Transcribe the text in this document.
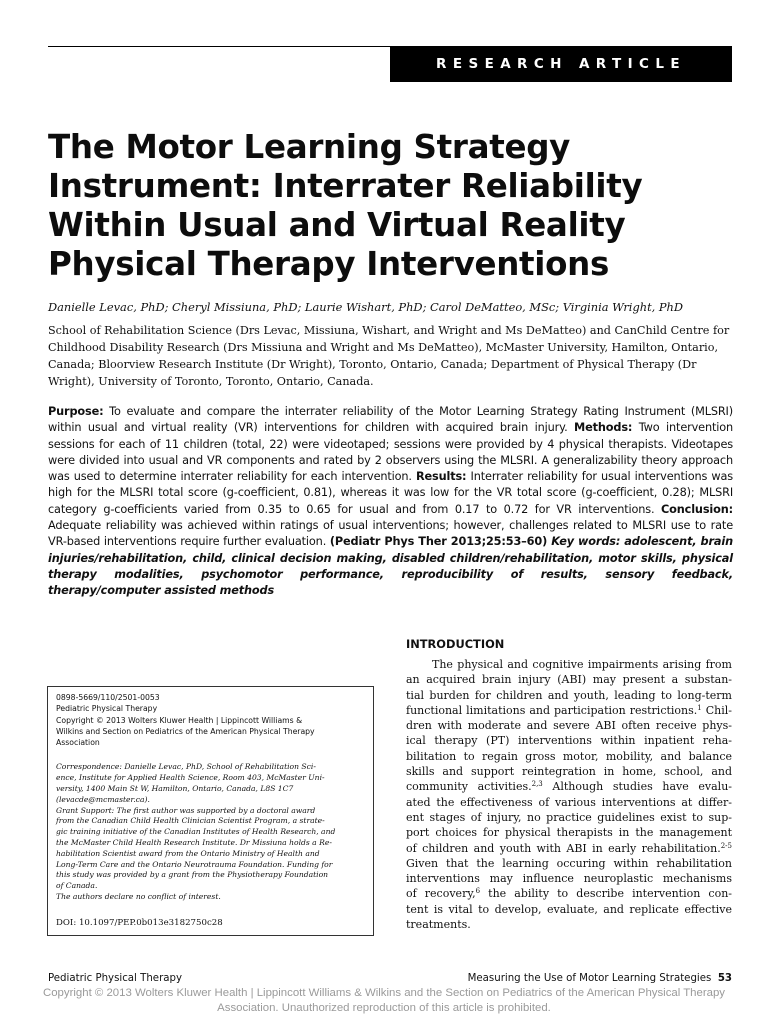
RESEARCH ARTICLE
The Motor Learning Strategy
Instrument: Interrater Reliability
Within Usual and Virtual Reality
Physical Therapy Interventions
Danielle Levac, PhD; Cheryl Missiuna, PhD; Laurie Wishart, PhD; Carol DeMatteo, MSc; Virginia Wright, PhD
School of Rehabilitation Science (Drs Levac, Missiuna, Wishart, and Wright and Ms DeMatteo) and CanChild Centre for
Childhood Disability Research (Drs Missiuna and Wright and Ms DeMatteo), McMaster University, Hamilton, Ontario,
Canada; Bloorview Research Institute (Dr Wright), Toronto, Ontario, Canada; Department of Physical Therapy (Dr
Wright), University of Toronto, Toronto, Ontario, Canada.
Purpose: To evaluate and compare the interrater reliability of the Motor Learning Strategy Rating Instrument (MLSRI) within usual and virtual reality (VR) interventions for children with acquired brain injury. Methods: Two intervention sessions for each of 11 children (total, 22) were videotaped; sessions were provided by 4 physical therapists. Videotapes were divided into usual and VR components and rated by 2 observers using the MLSRI. A generalizability theory approach was used to determine interrater reliability for each intervention. Results: Interrater reliability for usual interventions was high for the MLSRI total score (g-coefficient, 0.81), whereas it was low for the VR total score (g-coefficient, 0.28); MLSRI category g-coefficients varied from 0.35 to 0.65 for usual and from 0.17 to 0.72 for VR interventions. Conclusion: Adequate reliability was achieved within ratings of usual interventions; however, challenges related to MLSRI use to rate VR-based interventions require further evaluation. (Pediatr Phys Ther 2013;25:53–60) Key words: adolescent, brain injuries/rehabilitation, child, clinical decision making, disabled children/rehabilitation, motor skills, physical therapy modalities, psychomotor performance, reproducibility of results, sensory feedback, therapy/computer assisted methods
0898-5669/110/2501-0053
Pediatric Physical Therapy
Copyright © 2013 Wolters Kluwer Health | Lippincott Williams &
Wilkins and Section on Pediatrics of the American Physical Therapy
Association
Correspondence: Danielle Levac, PhD, School of Rehabilitation Sci-
ence, Institute for Applied Health Science, Room 403, McMaster Uni-
versity, 1400 Main St W, Hamilton, Ontario, Canada, L8S 1C7
(levacde@mcmaster.ca).
Grant Support: The first author was supported by a doctoral award
from the Canadian Child Health Clinician Scientist Program, a strate-
gic training initiative of the Canadian Institutes of Health Research, and
the McMaster Child Health Research Institute. Dr Missiuna holds a Re-
habilitation Scientist award from the Ontario Ministry of Health and
Long-Term Care and the Ontario Neurotrauma Foundation. Funding for
this study was provided by a grant from the Physiotherapy Foundation
of Canada.
The authors declare no conflict of interest.
DOI: 10.1097/PEP.0b013e3182750c28
INTRODUCTION
The physical and cognitive impairments arising from
an acquired brain injury (ABI) may present a substan-
tial burden for children and youth, leading to long-term
functional limitations and participation restrictions.$^1$ Chil-
dren with moderate and severe ABI often receive phys-
ical therapy (PT) interventions within inpatient reha-
bilitation to regain gross motor, mobility, and balance
skills and support reintegration in home, school, and
community activities.$^{2,3}$ Although studies have evalu-
ated the effectiveness of various interventions at differ-
ent stages of injury, no practice guidelines exist to sup-
port choices for physical therapists in the management
of children and youth with ABI in early rehabilitation.$^{2-5}$
Given that the learning occuring within rehabilitation
interventions may influence neuroplastic mechanisms
of recovery,$^6$ the ability to describe intervention con-
tent is vital to develop, evaluate, and replicate effective
treatments.
Pediatric Physical Therapy	Measuring the Use of Motor Learning Strategies 53
Copyright © 2013 Wolters Kluwer Health | Lippincott Williams & Wilkins and the Section on Pediatrics of the American Physical Therapy
Association. Unauthorized reproduction of this article is prohibited.
